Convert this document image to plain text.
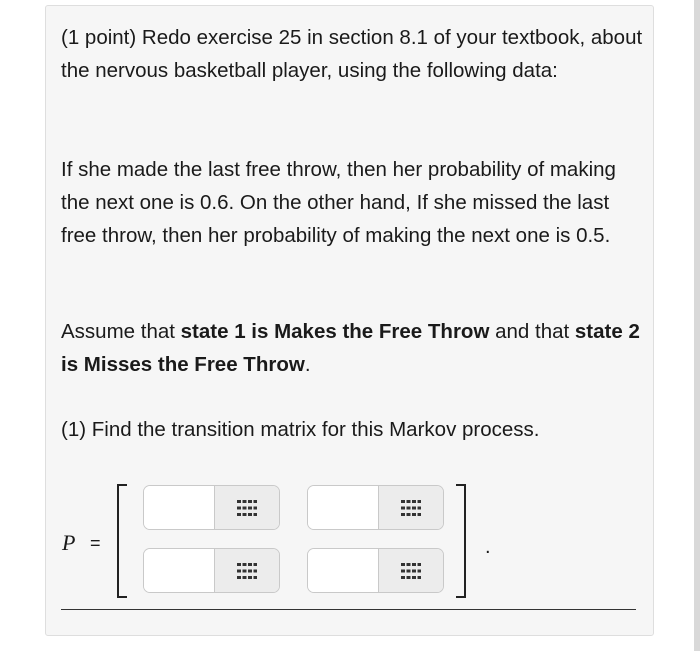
(1 point) Redo exercise 25 in section 8.1 of your textbook, about the nervous basketball player, using the following data:

If she made the last free throw, then her probability of making the next one is 0.6. On the other hand, If she missed the last free throw, then her probability of making the next one is 0.5.

Assume that state 1 is Makes the Free Throw and that state 2 is Misses the Free Throw.

(1) Find the transition matrix for this Markov process.

P =	.
